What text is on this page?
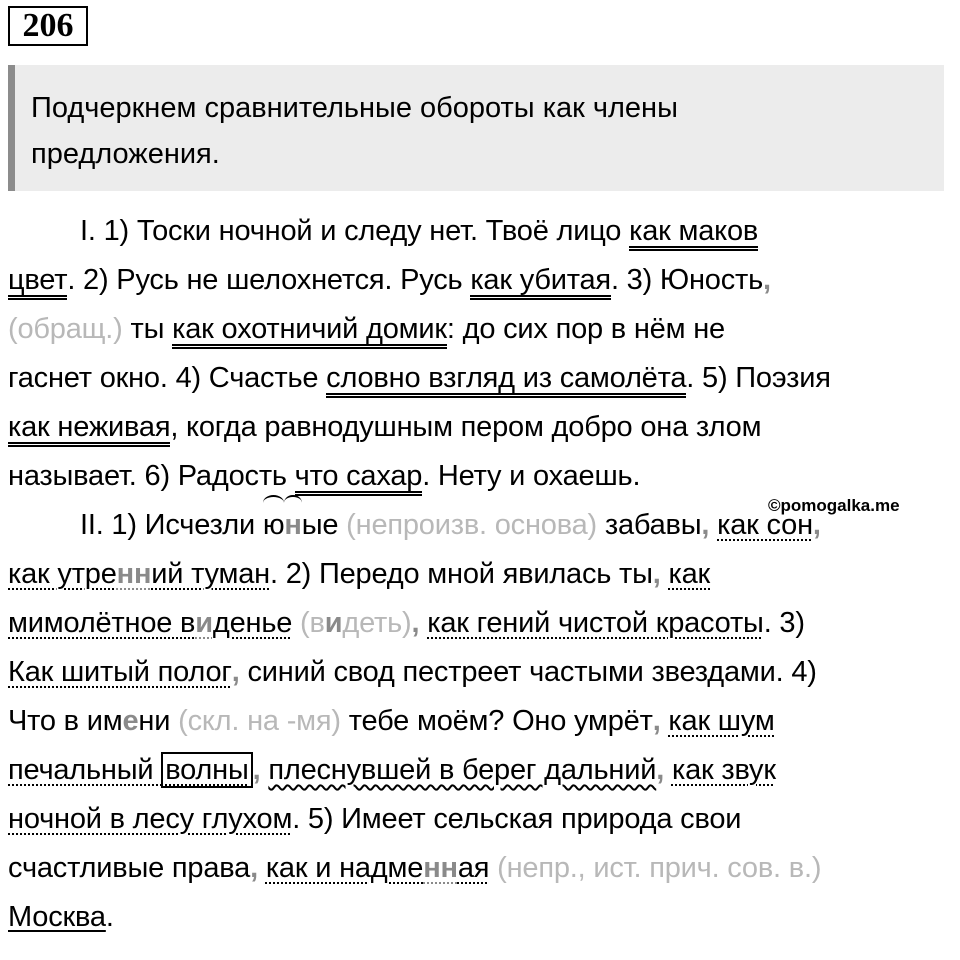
206
Подчеркнем сравнительные обороты как члены
предложения.
I. 1) Тоски ночной и следу нет. Твоё лицо как маков
цвет. 2) Русь не шелохнется. Русь как убитая. 3) Юность,
(обращ.) ты как охотничий домик: до сих пор в нём не
гаснет окно. 4) Счастье словно взгляд из самолёта. 5) Поэзия
как неживая, когда равнодушным пером добро она злом
называет. 6) Радость что сахар. Нету и охаешь.
II. 1) Исчезли юные (непроизв. основа) забавы, как сон,
как утренний туман. 2) Передо мной явилась ты, как
мимолётное виденье (видеть), как гений чистой красоты. 3)
Как шитый полог, синий свод пестреет частыми звездами. 4)
Что в имени (скл. на -мя) тебе моём? Оно умрёт, как шум
печальный волны , плеснувшей в берег дальний, как звук
ночной в лесу глухом. 5) Имеет сельская природа свои
счастливые права, как и надменная (непр., ист. прич. сов. в.)
Москва.
©pomogalka.me
